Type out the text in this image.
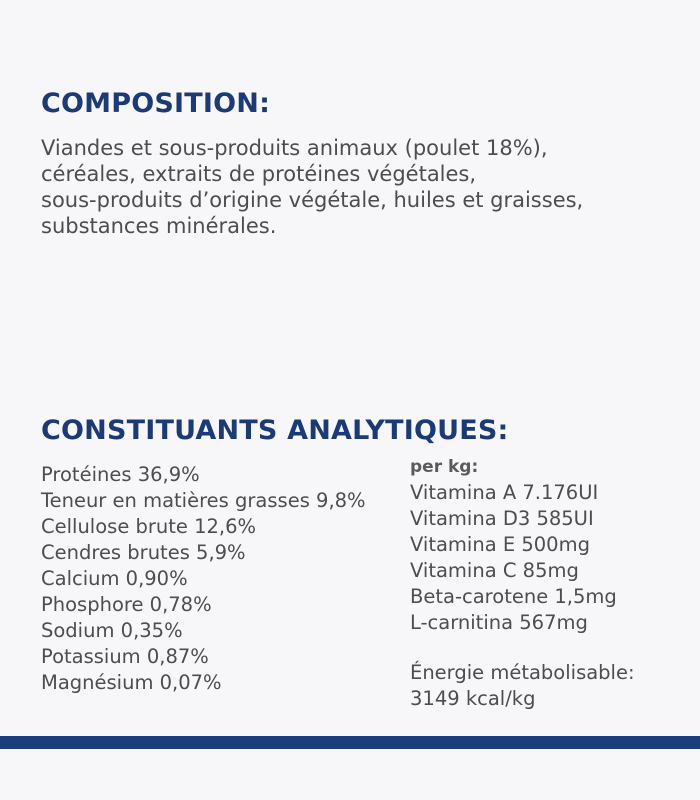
COMPOSITION:
Viandes et sous-produits animaux (poulet 18%),
céréales, extraits de protéines végétales,
sous-produits d’origine végétale, huiles et graisses,
substances minérales.
CONSTITUANTS ANALYTIQUES:
Protéines 36,9%
Teneur en matières grasses 9,8%
Cellulose brute 12,6%
Cendres brutes 5,9%
Calcium 0,90%
Phosphore 0,78%
Sodium 0,35%
Potassium 0,87%
Magnésium 0,07%
per kg:
Vitamina A 7.176UI
Vitamina D3 585UI
Vitamina E 500mg
Vitamina C 85mg
Beta-carotene 1,5mg
L-carnitina 567mg
Énergie métabolisable:
3149 kcal/kg
